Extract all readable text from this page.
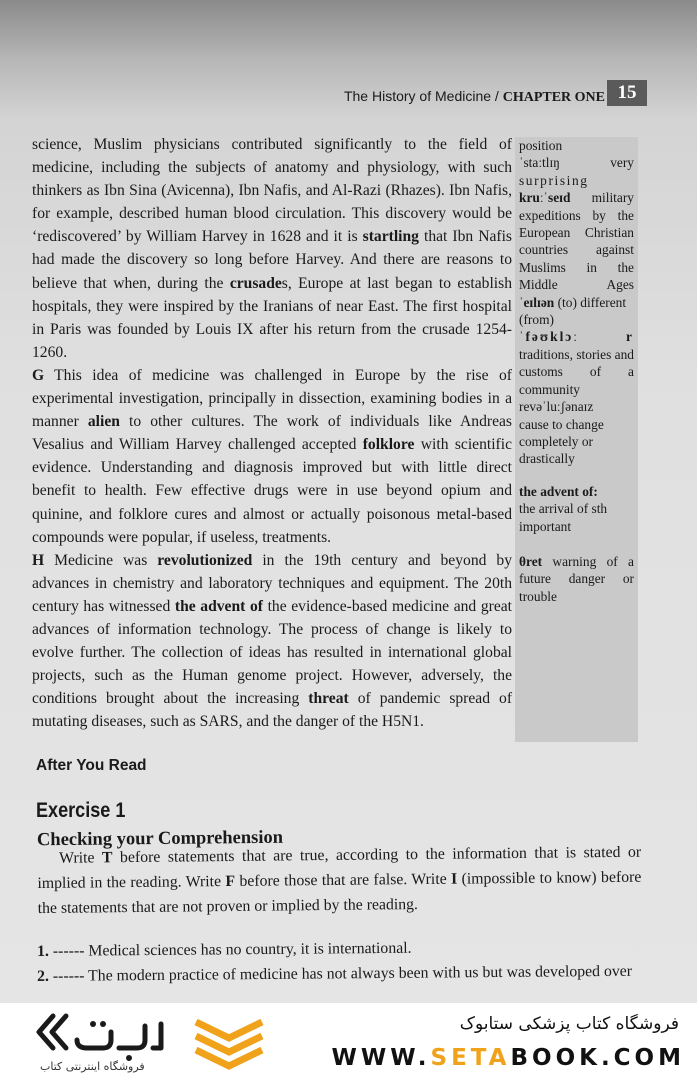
The History of Medicine / CHAPTER ONE 15

science, Muslim physicians contributed significantly to the field of medicine, including the subjects of anatomy and physiology, with such thinkers as Ibn Sina (Avicenna), Ibn Nafis, and Al-Razi (Rhazes). Ibn Nafis, for example, described human blood circulation. This discovery would be ‘rediscovered’ by William Harvey in 1628 and it is startling that Ibn Nafis had made the discovery so long before Harvey. And there are reasons to believe that when, during the crusades, Europe at last began to establish hospitals, they were inspired by the Iranians of near East. The first hospital in Paris was founded by Louis IX after his return from the crusade 1254-1260.

G This idea of medicine was challenged in Europe by the rise of experimental investigation, principally in dissection, examining bodies in a manner alien to other cultures. The work of individuals like Andreas Vesalius and William Harvey challenged accepted folklore with scientific evidence. Understanding and diagnosis improved but with little direct benefit to health. Few effective drugs were in use beyond opium and quinine, and folklore cures and almost or actually poisonous metal-based compounds were popular, if useless, treatments.

H Medicine was revolutionized in the 19th century and beyond by advances in chemistry and laboratory techniques and equipment. The 20th century has witnessed the advent of the evidence-based medicine and great advances of information technology. The process of change is likely to evolve further. The collection of ideas has resulted in international global projects, such as the Human genome project. However, adversely, the conditions brought about the increasing threat of pandemic spread of mutating diseases, such as SARS, and the danger of the H5N1.

position
ˈstaːtlɪŋ	very
surprising
kruːˈseɪd military expeditions by the European Christian countries against Muslims in the Middle Ages
ˈeɪlɪən (to) different (from)
ˈfəʊklɔː r
traditions, stories and customs of a community
revəˈluːʃənaɪz
cause to change completely or drastically
the advent of:
the arrival of sth important
θret warning of a future danger or trouble
After You Read
Exercise 1
Checking your Comprehension
Write T before statements that are true, according to the information that is stated or implied in the reading. Write F before those that are false. Write I (impossible to know) before the statements that are not proven or implied by the reading.
1. ------ Medical sciences has no country, it is international.
2. ------ The modern practice of medicine has not always been with us but was developed over
فروشگاه اینترنتی کتاب
فروشگاه کتاب پزشکی ستابوک
WWW.SETABOOK.COM
